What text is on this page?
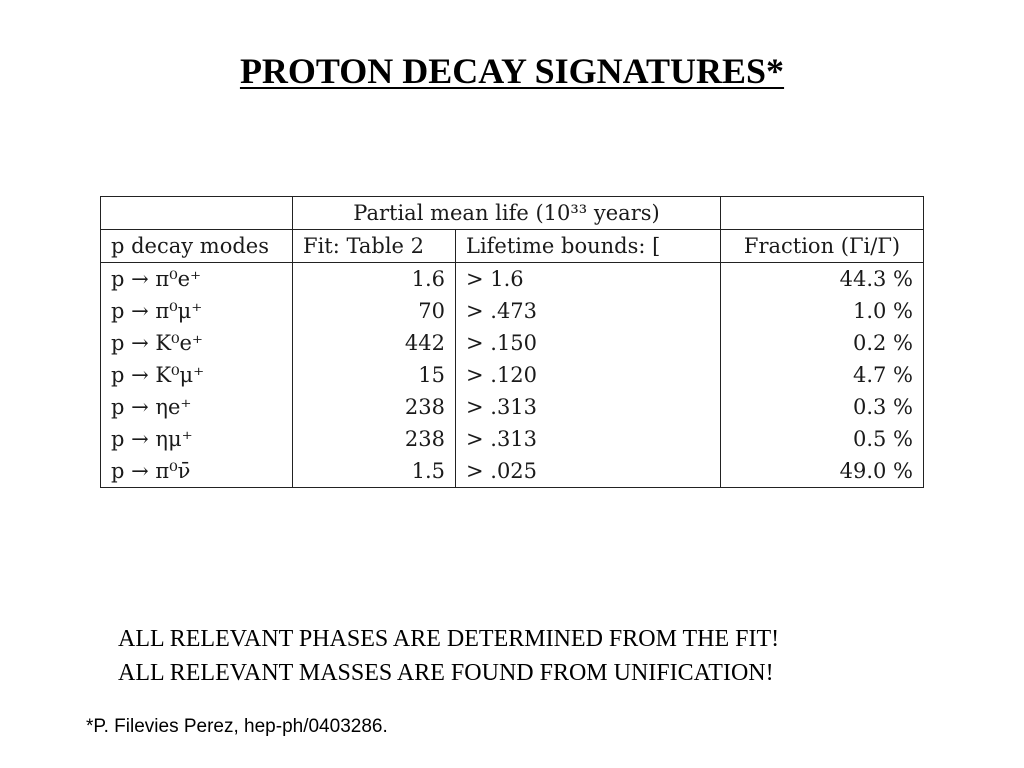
PROTON DECAY SIGNATURES*
	Partial mean life (10³³ years)		
p decay modes	Fit: Table 2	Lifetime bounds: [	Fraction (Γi/Γ)
p → π⁰e⁺	1.6	> 1.6	44.3 %
p → π⁰μ⁺	70	> .473	1.0 %
p → K⁰e⁺	442	> .150	0.2 %
p → K⁰μ⁺	15	> .120	4.7 %
p → ηe⁺	238	> .313	0.3 %
p → ημ⁺	238	> .313	0.5 %
p → π⁰ν̄	1.5	> .025	49.0 %
ALL RELEVANT PHASES ARE DETERMINED FROM THE FIT!
ALL RELEVANT MASSES ARE FOUND FROM UNIFICATION!
*P. Filevies Perez, hep-ph/0403286.
